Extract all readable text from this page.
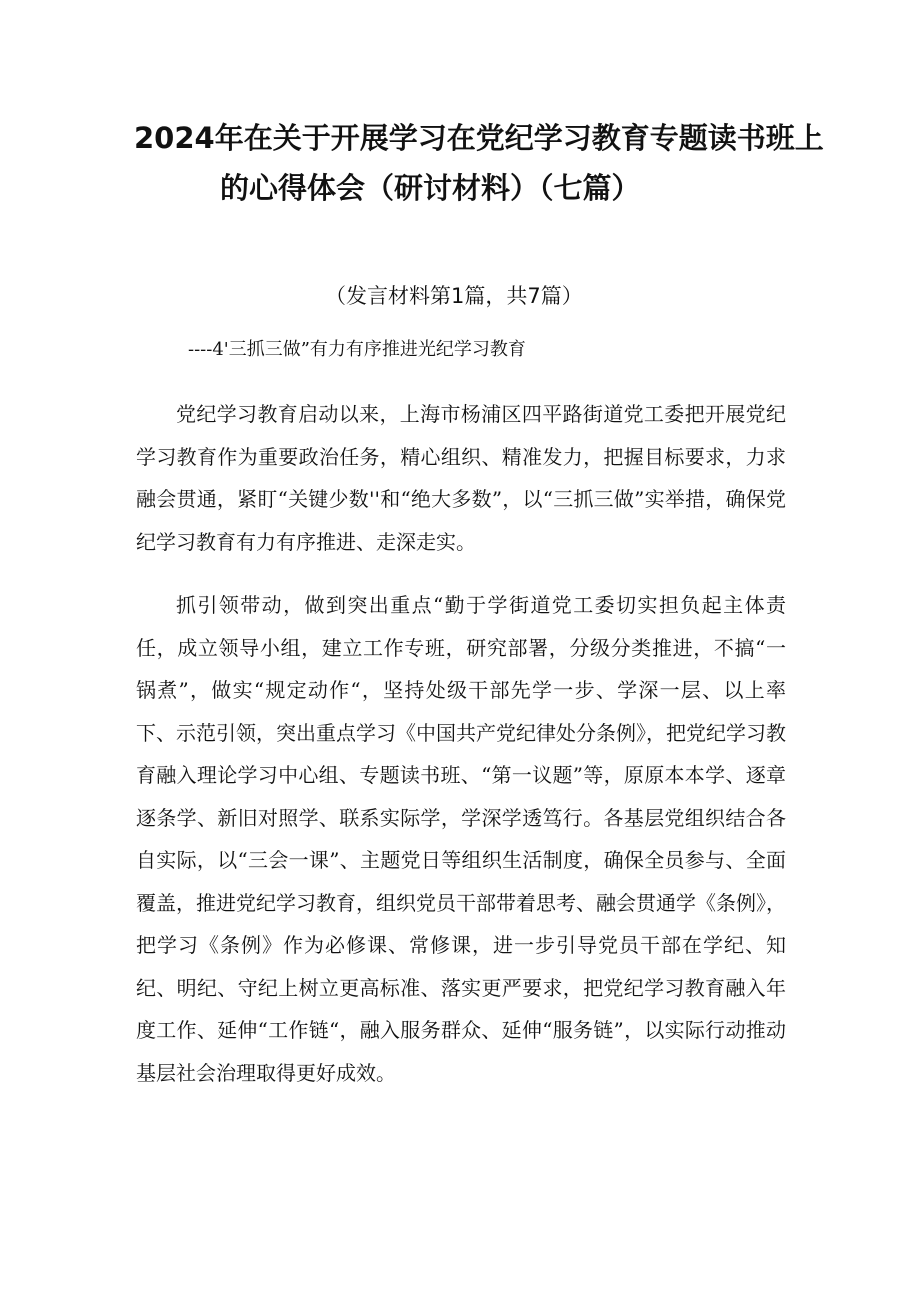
2024年在关于开展学习在党纪学习教育专题读书班上
的心得体会（研讨材料）（七篇）
（发言材料第1篇，共7篇）
----4'三抓三做”有力有序推进光纪学习教育

党纪学习教育启动以来，上海市杨浦区四平路街道党工委把开展党纪学习教育作为重要政治任务，精心组织、精准发力，把握目标要求，力求融会贯通，紧盯“关键少数''和“绝大多数”，以“三抓三做”实举措，确保党纪学习教育有力有序推进、走深走实。

抓引领带动，做到突出重点“勤于学街道党工委切实担负起主体责任，成立领导小组，建立工作专班，研究部署，分级分类推进，不搞“一锅煮”，做实“规定动作“，坚持处级干部先学一步、学深一层、以上率下、示范引领，突出重点学习《中国共产党纪律处分条例》，把党纪学习教育融入理论学习中心组、专题读书班、“第一议题”等，原原本本学、逐章逐条学、新旧对照学、联系实际学，学深学透笃行。各基层党组织结合各自实际，以“三会一课”、主题党日等组织生活制度，确保全员参与、全面覆盖，推进党纪学习教育，组织党员干部带着思考、融会贯通学《条例》，把学习《条例》作为必修课、常修课，进一步引导党员干部在学纪、知纪、明纪、守纪上树立更高标准、落实更严要求，把党纪学习教育融入年度工作、延伸“工作链“，融入服务群众、延伸“服务链”，以实际行动推动基层社会治理取得更好成效。
